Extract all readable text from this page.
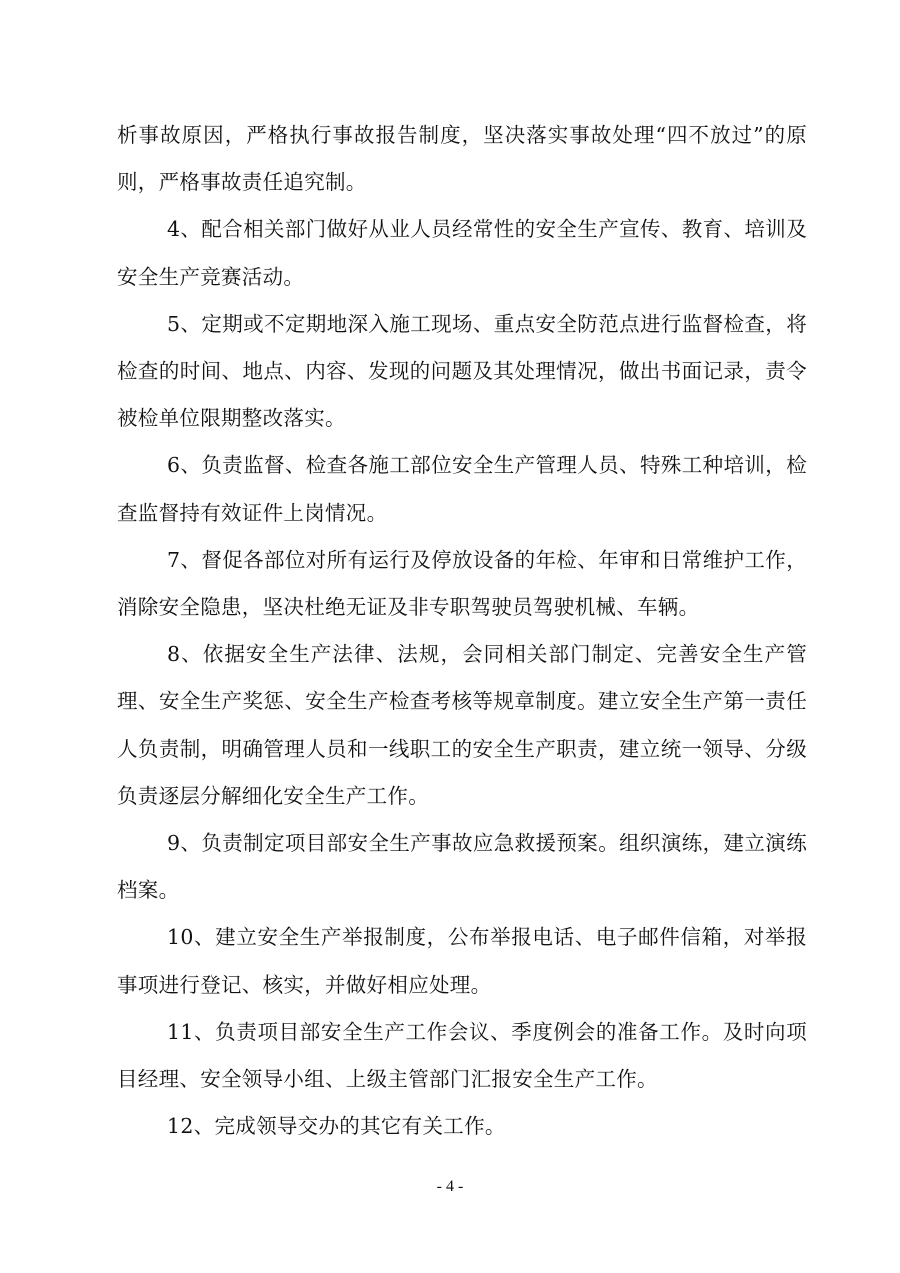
析事故原因，严格执行事故报告制度，坚决落实事故处理“四不放过”的原则，严格事故责任追究制。

4、配合相关部门做好从业人员经常性的安全生产宣传、教育、培训及安全生产竞赛活动。

5、定期或不定期地深入施工现场、重点安全防范点进行监督检查，将检查的时间、地点、内容、发现的问题及其处理情况，做出书面记录，责令被检单位限期整改落实。

6、负责监督、检查各施工部位安全生产管理人员、特殊工种培训，检查监督持有效证件上岗情况。

7、督促各部位对所有运行及停放设备的年检、年审和日常维护工作，消除安全隐患，坚决杜绝无证及非专职驾驶员驾驶机械、车辆。

8、依据安全生产法律、法规，会同相关部门制定、完善安全生产管理、安全生产奖惩、安全生产检查考核等规章制度。建立安全生产第一责任人负责制，明确管理人员和一线职工的安全生产职责，建立统一领导、分级负责逐层分解细化安全生产工作。

9、负责制定项目部安全生产事故应急救援预案。组织演练，建立演练档案。

10、建立安全生产举报制度，公布举报电话、电子邮件信箱，对举报事项进行登记、核实，并做好相应处理。

11、负责项目部安全生产工作会议、季度例会的准备工作。及时向项目经理、安全领导小组、上级主管部门汇报安全生产工作。

12、完成领导交办的其它有关工作。

- 4 -
